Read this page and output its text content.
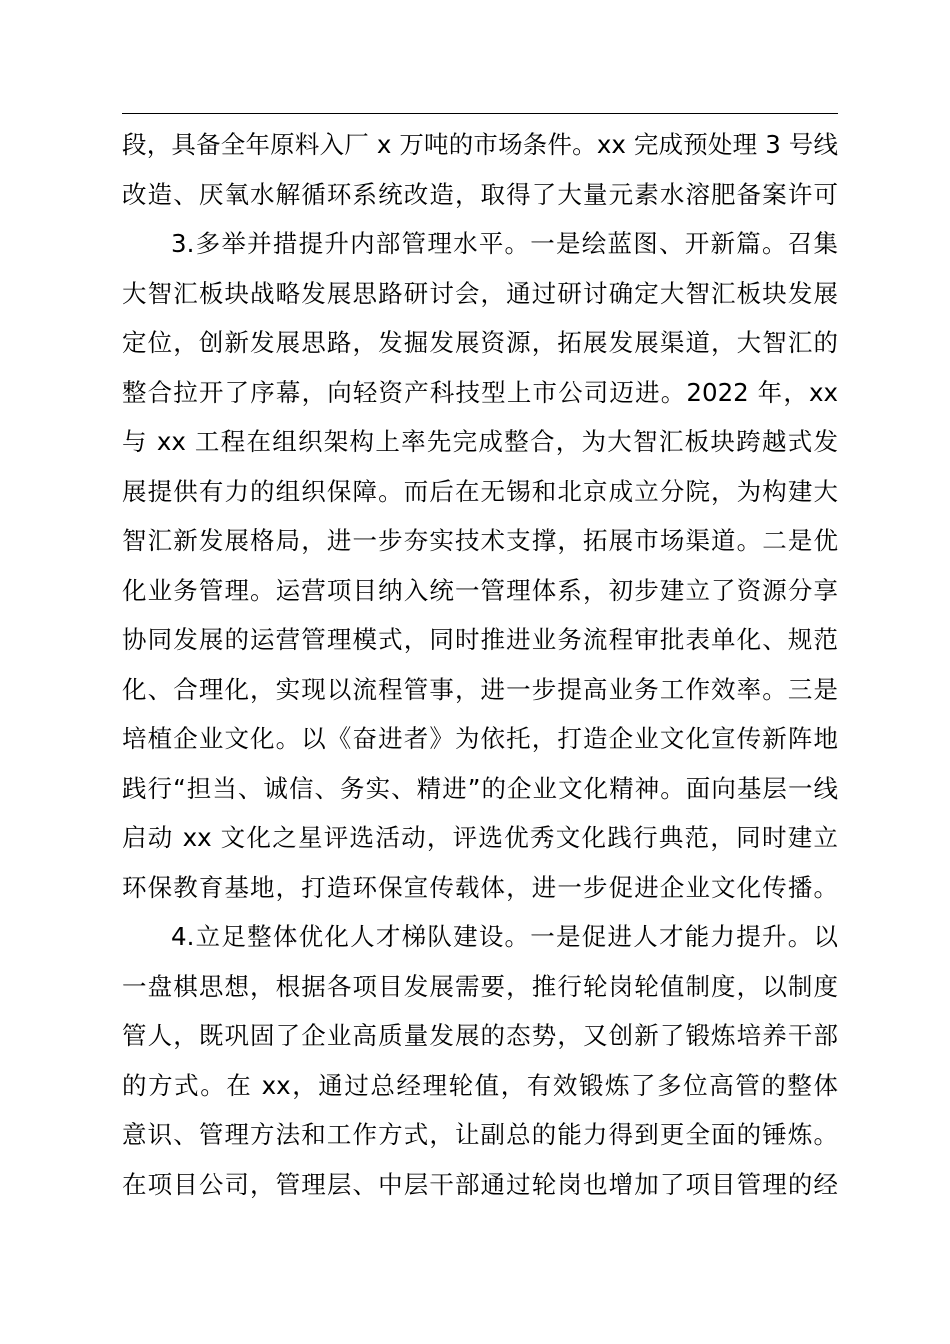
段，具备全年原料入厂 x 万吨的市场条件。xx 完成预处理 3 号线
改造、厌氧水解循环系统改造，取得了大量元素水溶肥备案许可
3.多举并措提升内部管理水平。一是绘蓝图、开新篇。召集
大智汇板块战略发展思路研讨会，通过研讨确定大智汇板块发展
定位，创新发展思路，发掘发展资源，拓展发展渠道，大智汇的
整合拉开了序幕，向轻资产科技型上市公司迈进。2022 年，xx
与 xx 工程在组织架构上率先完成整合，为大智汇板块跨越式发
展提供有力的组织保障。而后在无锡和北京成立分院，为构建大
智汇新发展格局，进一步夯实技术支撑，拓展市场渠道。二是优
化业务管理。运营项目纳入统一管理体系，初步建立了资源分享
协同发展的运营管理模式，同时推进业务流程审批表单化、规范
化、合理化，实现以流程管事，进一步提高业务工作效率。三是
培植企业文化。以《奋进者》为依托，打造企业文化宣传新阵地
践行“担当、诚信、务实、精进”的企业文化精神。面向基层一线
启动 xx 文化之星评选活动，评选优秀文化践行典范，同时建立
环保教育基地，打造环保宣传载体，进一步促进企业文化传播。
4.立足整体优化人才梯队建设。一是促进人才能力提升。以
一盘棋思想，根据各项目发展需要，推行轮岗轮值制度，以制度
管人，既巩固了企业高质量发展的态势，又创新了锻炼培养干部
的方式。在 xx，通过总经理轮值，有效锻炼了多位高管的整体
意识、管理方法和工作方式，让副总的能力得到更全面的锤炼。
在项目公司，管理层、中层干部通过轮岗也增加了项目管理的经
